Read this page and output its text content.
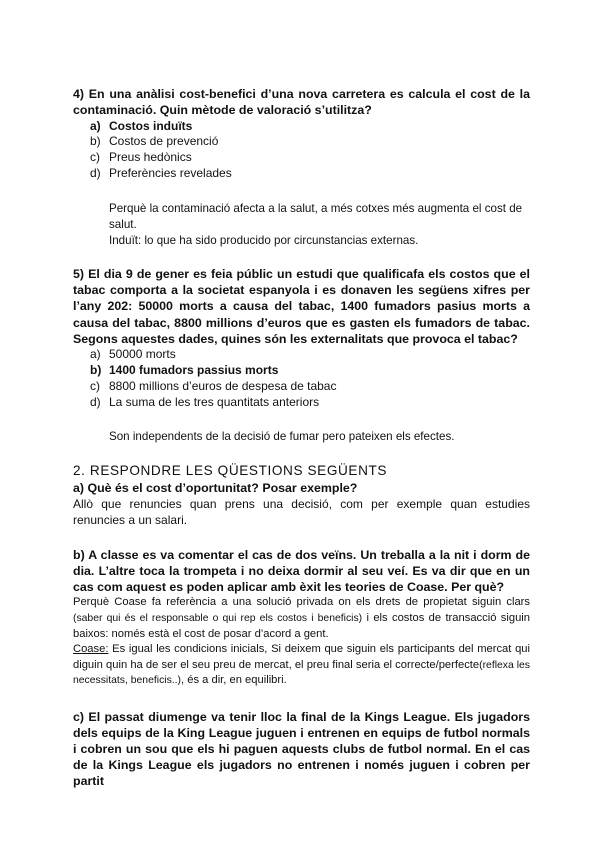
4) En una anàlisi cost-benefici d’una nova carretera es calcula el cost de la contaminació. Quin mètode de valoració s’utilitza?

a) Costos induïts
b) Costos de prevenció
c) Preus hedònics
d) Preferències revelades

Perquè la contaminació afecta a la salut, a més cotxes més augmenta el cost de salut.

Induït: lo que ha sido producido por circunstancias externas.

5) El dia 9 de gener es feia públic un estudi que qualificafa els costos que el tabac comporta a la societat espanyola i es donaven les següens xifres per l’any 202: 50000 morts a causa del tabac, 1400 fumadors pasius morts a causa del tabac, 8800 millions d’euros que es gasten els fumadors de tabac. Segons aquestes dades, quines són les externalitats que provoca el tabac?

a) 50000 morts
b) 1400 fumadors passius morts
c) 8800 millions d’euros de despesa de tabac
d) La suma de les tres quantitats anteriors

Son independents de la decisió de fumar pero pateixen els efectes.

2. RESPONDRE LES QÜESTIONS SEGÜENTS

a) Què és el cost d’oportunitat? Posar exemple?

Allò que renuncies quan prens una decisió, com per exemple quan estudies renuncies a un salari.

b) A classe es va comentar el cas de dos veïns. Un treballa a la nit i dorm de dia. L’altre toca la trompeta i no deixa dormir al seu veí. Es va dir que en un cas com aquest es poden aplicar amb èxit les teories de Coase. Per què?

Perquè Coase fa referència a una solució privada on els drets de propietat siguin clars (saber qui és el responsable o qui rep els costos i beneficis) i els costos de transacció siguin baixos: només està el cost de posar d’acord a gent.

Coase: Es igual les condicions inicials, Si deixem que siguin els participants del mercat qui diguin quin ha de ser el seu preu de mercat, el preu final seria el correcte/perfecte(reflexa les necessitats, beneficis..), és a dir, en equilibri.

c) El passat diumenge va tenir lloc la final de la Kings League. Els jugadors dels equips de la King League juguen i entrenen en equips de futbol normals i cobren un sou que els hi paguen aquests clubs de futbol normal. En el cas de la Kings League els jugadors no entrenen i només juguen i cobren per partit
